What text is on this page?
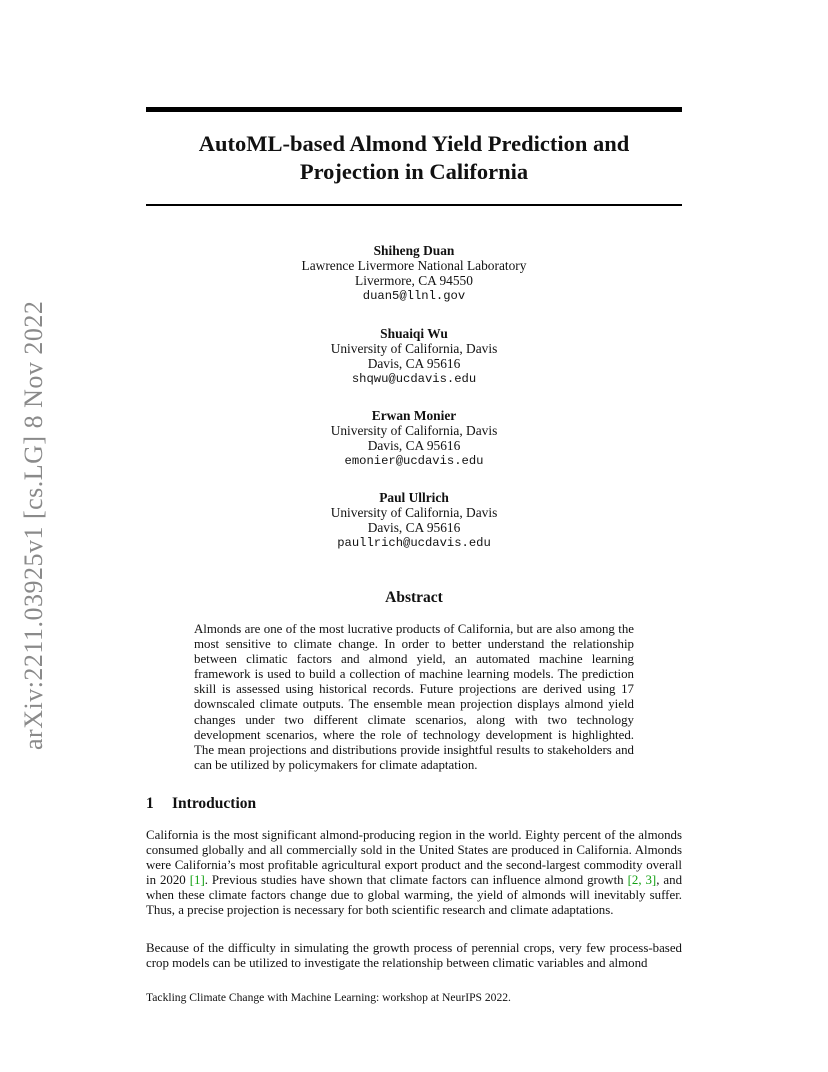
arXiv:2211.03925v1 [cs.LG] 8 Nov 2022
AutoML-based Almond Yield Prediction and
Projection in California
Shiheng Duan
Lawrence Livermore National Laboratory
Livermore, CA 94550
duan5@llnl.gov
Shuaiqi Wu
University of California, Davis
Davis, CA 95616
shqwu@ucdavis.edu
Erwan Monier
University of California, Davis
Davis, CA 95616
emonier@ucdavis.edu
Paul Ullrich
University of California, Davis
Davis, CA 95616
paullrich@ucdavis.edu
Abstract
Almonds are one of the most lucrative products of California, but are also among the most sensitive to climate change. In order to better understand the relationship between climatic factors and almond yield, an automated machine learning framework is used to build a collection of machine learning models. The prediction skill is assessed using historical records. Future projections are derived using 17 downscaled climate outputs. The ensemble mean projection displays almond yield changes under two different climate scenarios, along with two technology development scenarios, where the role of technology development is highlighted. The mean projections and distributions provide insightful results to stakeholders and can be utilized by policymakers for climate adaptation.
1 Introduction

California is the most significant almond-producing region in the world. Eighty percent of the almonds consumed globally and all commercially sold in the United States are produced in California. Almonds were California’s most profitable agricultural export product and the second-largest commodity overall in 2020 [1]. Previous studies have shown that climate factors can influence almond growth [2, 3], and when these climate factors change due to global warming, the yield of almonds will inevitably suffer. Thus, a precise projection is necessary for both scientific research and climate adaptations.

Because of the difficulty in simulating the growth process of perennial crops, very few process-based crop models can be utilized to investigate the relationship between climatic variables and almond

Tackling Climate Change with Machine Learning: workshop at NeurIPS 2022.
